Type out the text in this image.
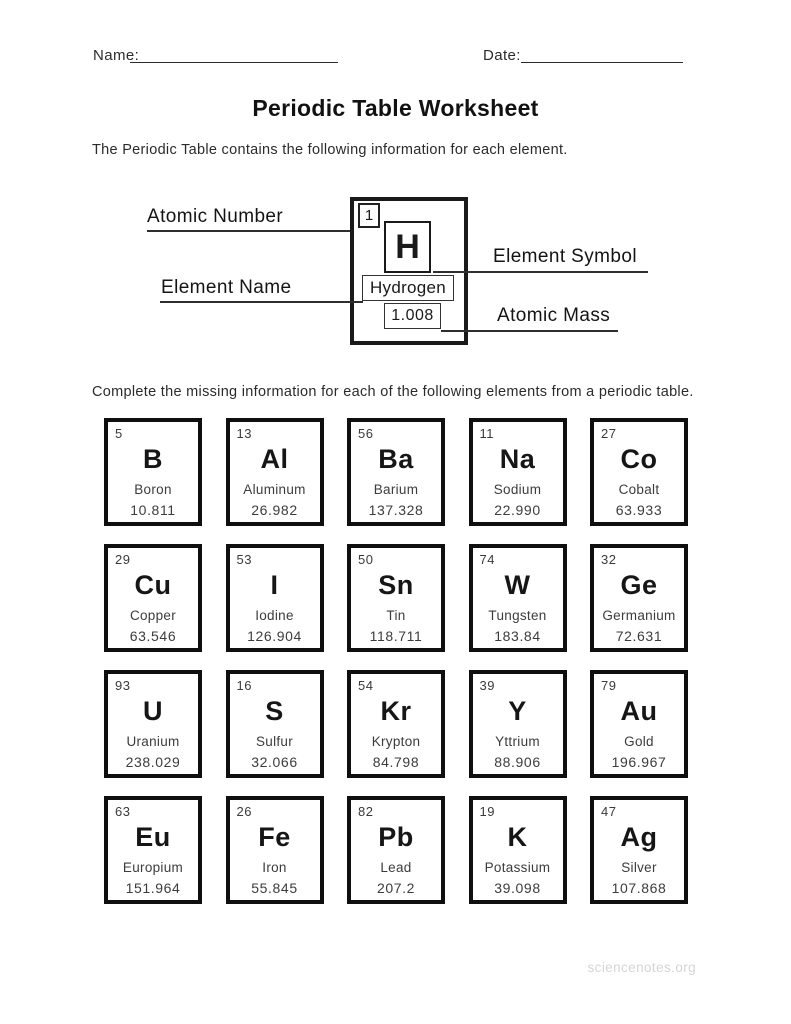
Name:	Date:
Periodic Table Worksheet
The Periodic Table contains the following information for each element.
1
H
Hydrogen
1.008
Atomic Number
Element Name
Element Symbol
Atomic Mass
Complete the missing information for each of the following elements from a periodic table.
5
B
Boron
10.811
13
Al
Aluminum
26.982
56
Ba
Barium
137.328
11
Na
Sodium
22.990
27
Co
Cobalt
63.933
29
Cu
Copper
63.546
53
I
Iodine
126.904
50
Sn
Tin
118.711
74
W
Tungsten
183.84
32
Ge
Germanium
72.631
93
U
Uranium
238.029
16
S
Sulfur
32.066
54
Kr
Krypton
84.798
39
Y
Yttrium
88.906
79
Au
Gold
196.967
63
Eu
Europium
151.964
26
Fe
Iron
55.845
82
Pb
Lead
207.2
19
K
Potassium
39.098
47
Ag
Silver
107.868
sciencenotes.org
